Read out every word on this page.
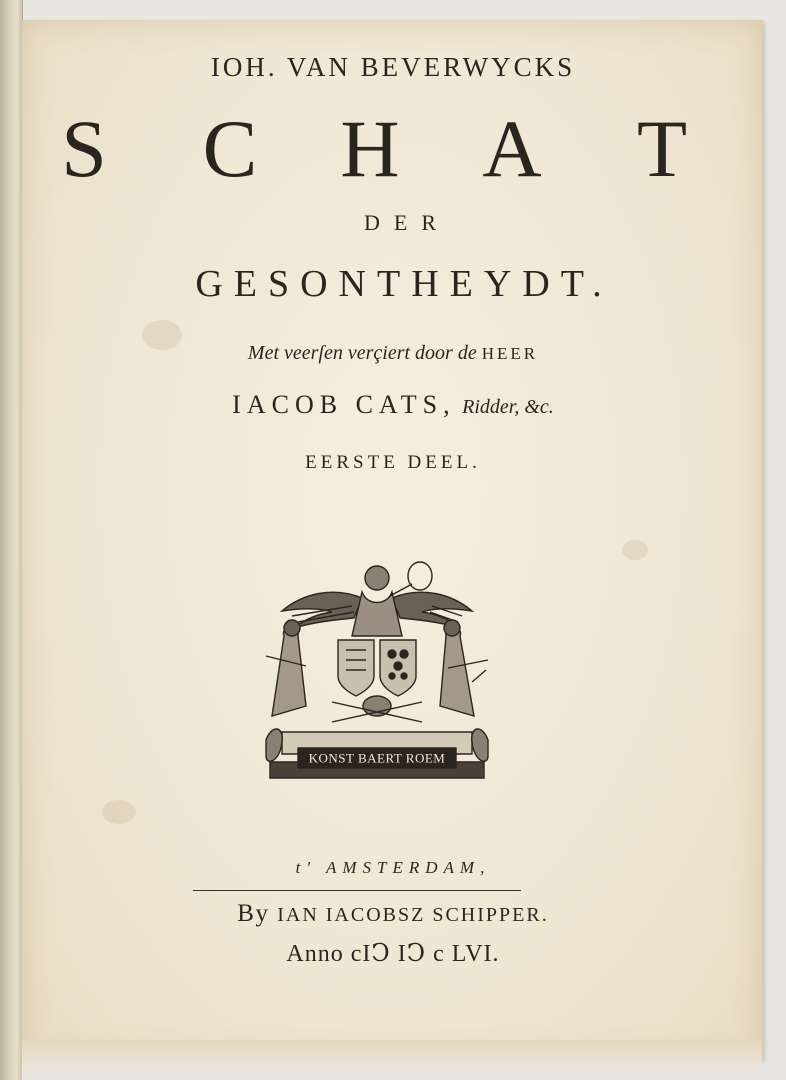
IOH. VAN BEVERWYCKS
S C H A T
DER
GESONTHEYDT.
Met veerſen verçiert door de HEER
IACOB CATS, Ridder, &c.
EERSTE DEEL.
KONST BAERT ROEM
t' AMSTERDAM,
By IAN IACOBSZ SCHIPPER.
Anno cIↃ IↃ c LVI.
